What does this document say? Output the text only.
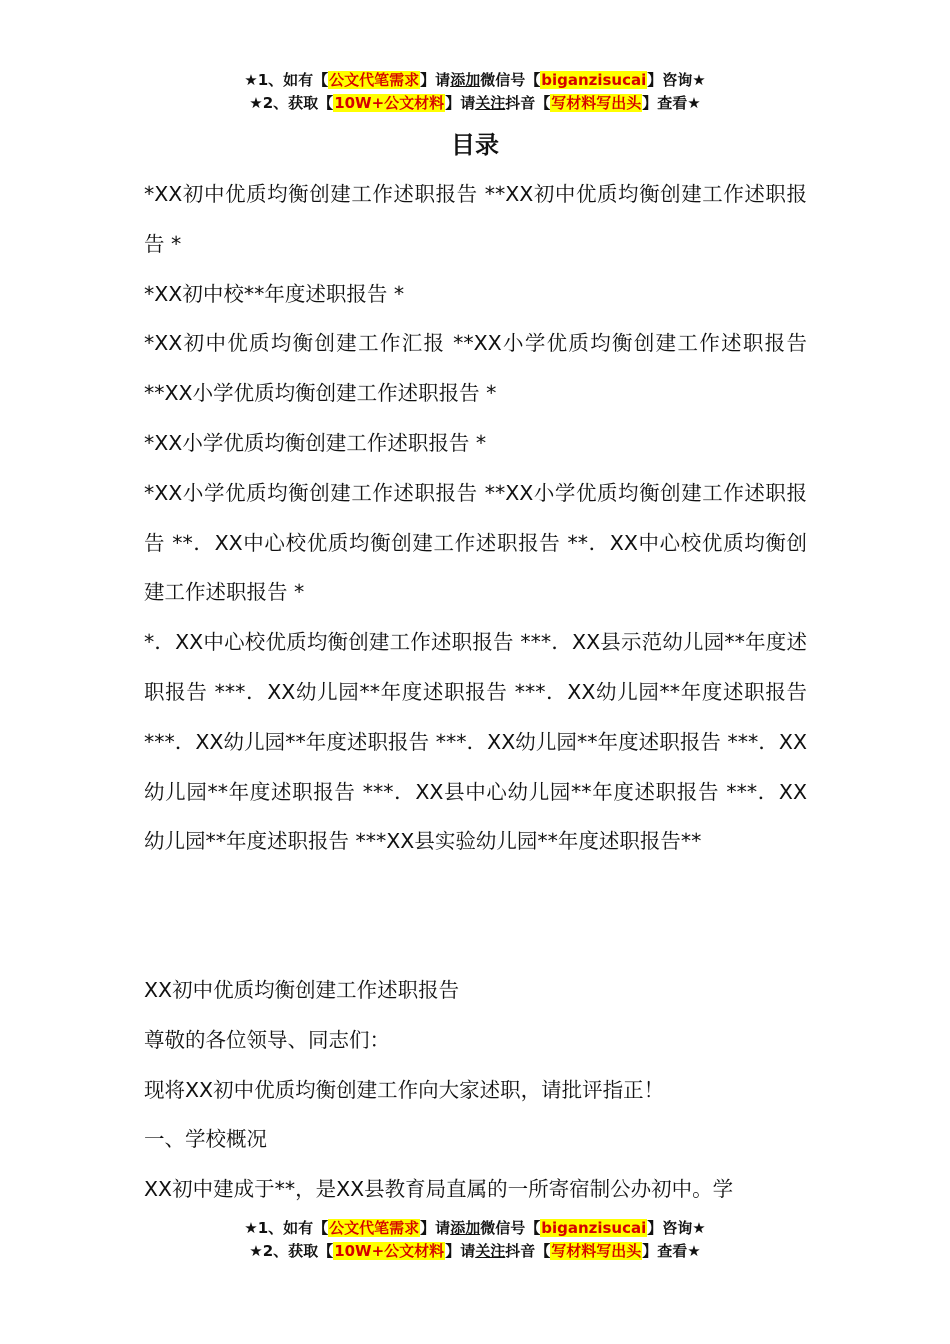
★1、如有【公文代笔需求】请添加微信号【biganzisucai】咨询★
★2、获取【10W+公文材料】请关注抖音【写材料写出头】查看★
目录
*XX初中优质均衡创建工作述职报告 **XX初中优质均衡创建工作述职报告 *
*XX初中校**年度述职报告 *
*XX初中优质均衡创建工作汇报 **XX小学优质均衡创建工作述职报告 **XX小学优质均衡创建工作述职报告 *
*XX小学优质均衡创建工作述职报告 *
*XX小学优质均衡创建工作述职报告 **XX小学优质均衡创建工作述职报告 **．XX中心校优质均衡创建工作述职报告 **．XX中心校优质均衡创建工作述职报告 *
*．XX中心校优质均衡创建工作述职报告 ***．XX县示范幼儿园**年度述职报告 ***．XX幼儿园**年度述职报告 ***．XX幼儿园**年度述职报告 ***．XX幼儿园**年度述职报告 ***．XX幼儿园**年度述职报告 ***．XX幼儿园**年度述职报告 ***．XX县中心幼儿园**年度述职报告 ***．XX幼儿园**年度述职报告 ***XX县实验幼儿园**年度述职报告**

XX初中优质均衡创建工作述职报告

尊敬的各位领导、同志们：

现将XX初中优质均衡创建工作向大家述职，请批评指正！

一、学校概况

XX初中建成于**，是XX县教育局直属的一所寄宿制公办初中。学

★1、如有【公文代笔需求】请添加微信号【biganzisucai】咨询★
★2、获取【10W+公文材料】请关注抖音【写材料写出头】查看★
